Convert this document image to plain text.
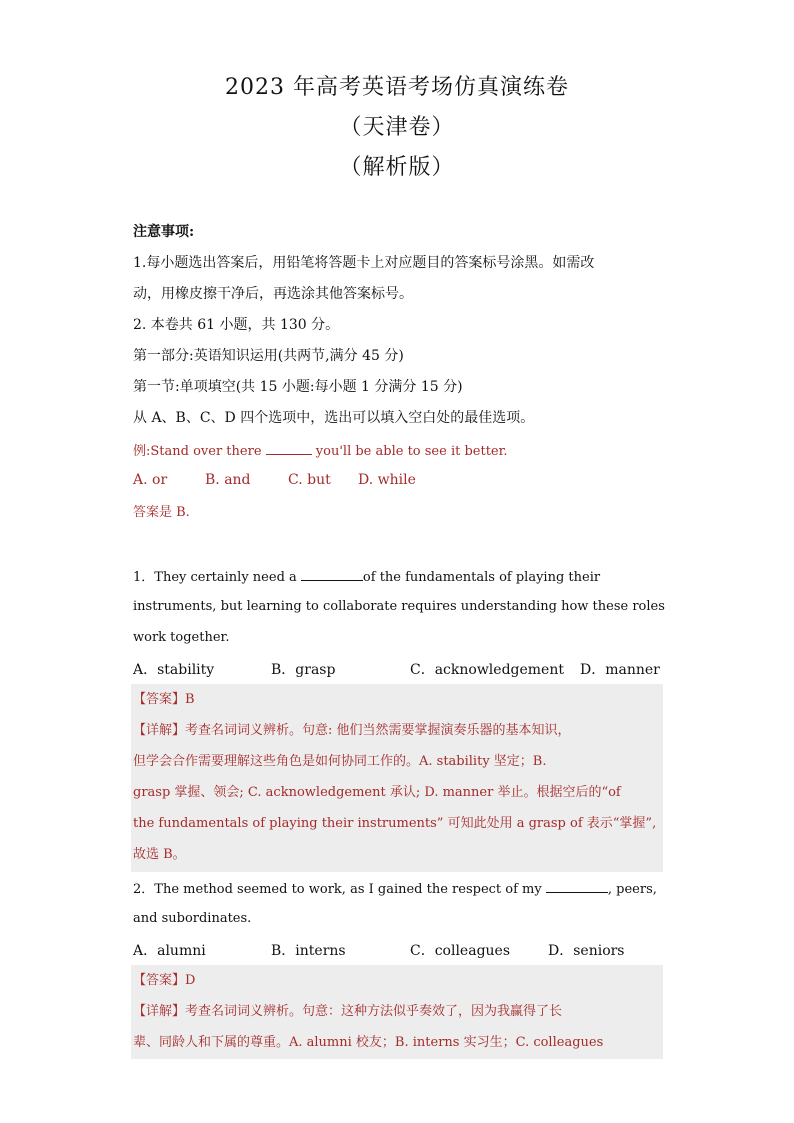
2023 年高考英语考场仿真演练卷
（天津卷）
（解析版）
注意事项:
1.每小题选出答案后，用铅笔将答题卡上对应题目的答案标号涂黑。如需改
动，用橡皮擦干净后，再选涂其他答案标号。
2. 本卷共 61 小题，共 130 分。
第一部分:英语知识运用(共两节,满分 45 分)
第一节:单项填空(共 15 小题:每小题 1 分满分 15 分)
从 A、B、C、D 四个选项中，选出可以填入空白处的最佳选项。
例:Stand over there	you'll be able to see it better.
A. or	B. and	C. but D. while
答案是 B.
1．They certainly need a	of the fundamentals of playing their
instruments, but learning to collaborate requires understanding how these roles
work together.
A．stability	B．grasp	C．acknowledgement D．manner
【答案】B
【详解】考查名词词义辨析。句意: 他们当然需要掌握演奏乐器的基本知识，
但学会合作需要理解这些角色是如何协同工作的。A. stability 坚定；B.
grasp 掌握、领会; C. acknowledgement 承认; D. manner 举止。根据空后的“of
the fundamentals of playing their instruments” 可知此处用 a grasp of 表示“掌握”,
故选 B。
2．The method seemed to work, as I gained the respect of my	, peers,
and subordinates.
A．alumni	B．interns	C．colleagues	D．seniors
【答案】D
【详解】考查名词词义辨析。句意：这种方法似乎奏效了，因为我赢得了长
辈、同龄人和下属的尊重。A. alumni 校友；B. interns 实习生；C. colleagues
